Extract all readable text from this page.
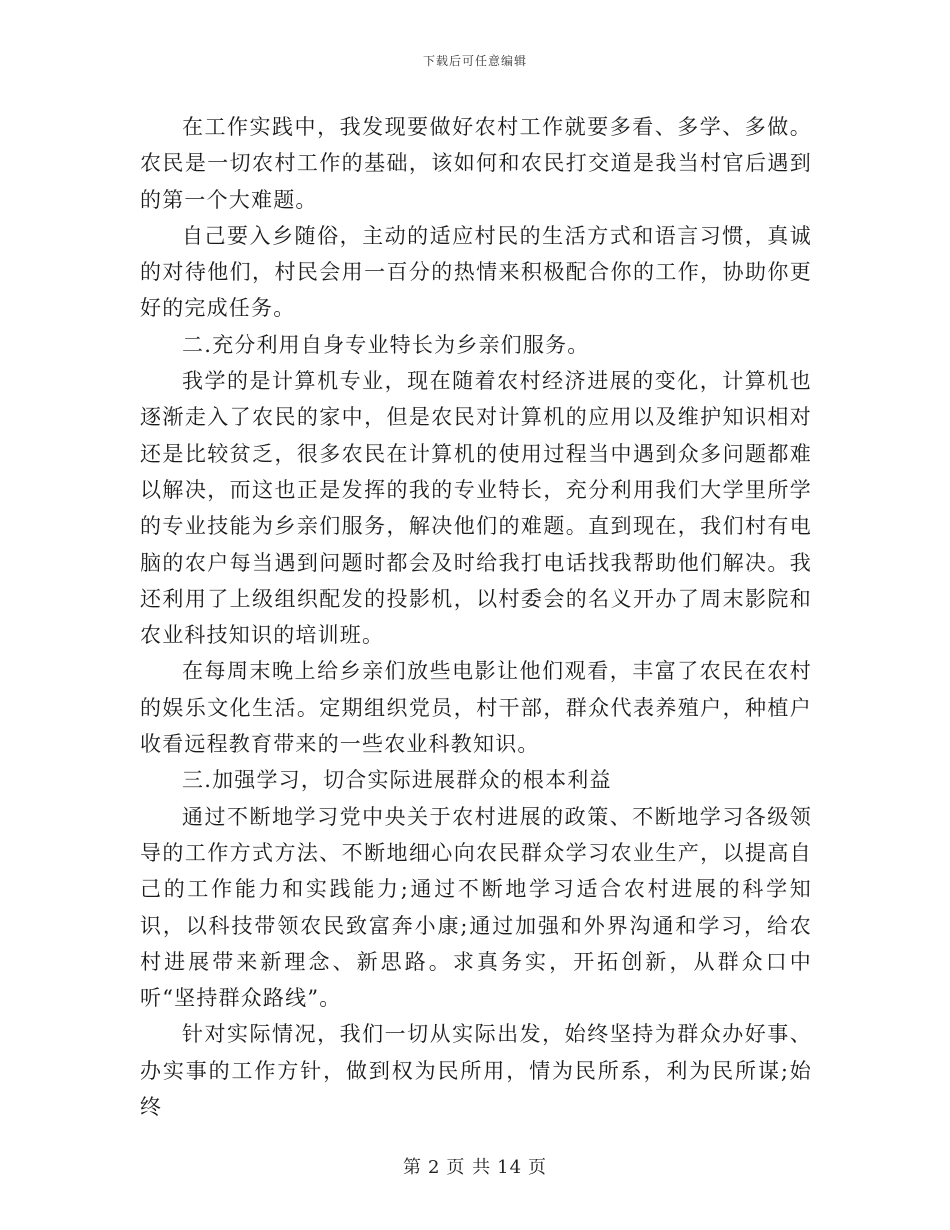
下载后可任意编辑

在工作实践中，我发现要做好农村工作就要多看、多学、多做。农民是一切农村工作的基础，该如何和农民打交道是我当村官后遇到的第一个大难题。

自己要入乡随俗，主动的适应村民的生活方式和语言习惯，真诚的对待他们，村民会用一百分的热情来积极配合你的工作，协助你更好的完成任务。

二.充分利用自身专业特长为乡亲们服务。

我学的是计算机专业，现在随着农村经济进展的变化，计算机也逐渐走入了农民的家中，但是农民对计算机的应用以及维护知识相对还是比较贫乏，很多农民在计算机的使用过程当中遇到众多问题都难以解决，而这也正是发挥的我的专业特长，充分利用我们大学里所学的专业技能为乡亲们服务，解决他们的难题。直到现在，我们村有电脑的农户每当遇到问题时都会及时给我打电话找我帮助他们解决。我还利用了上级组织配发的投影机，以村委会的名义开办了周末影院和农业科技知识的培训班。

在每周末晚上给乡亲们放些电影让他们观看，丰富了农民在农村的娱乐文化生活。定期组织党员，村干部，群众代表养殖户，种植户收看远程教育带来的一些农业科教知识。

三.加强学习，切合实际进展群众的根本利益

通过不断地学习党中央关于农村进展的政策、不断地学习各级领导的工作方式方法、不断地细心向农民群众学习农业生产，以提高自己的工作能力和实践能力;通过不断地学习适合农村进展的科学知识，以科技带领农民致富奔小康;通过加强和外界沟通和学习，给农村进展带来新理念、新思路。求真务实，开拓创新，从群众口中听“坚持群众路线”。

针对实际情况，我们一切从实际出发，始终坚持为群众办好事、办实事的工作方针，做到权为民所用，情为民所系，利为民所谋;始终

第 2 页 共 14 页
